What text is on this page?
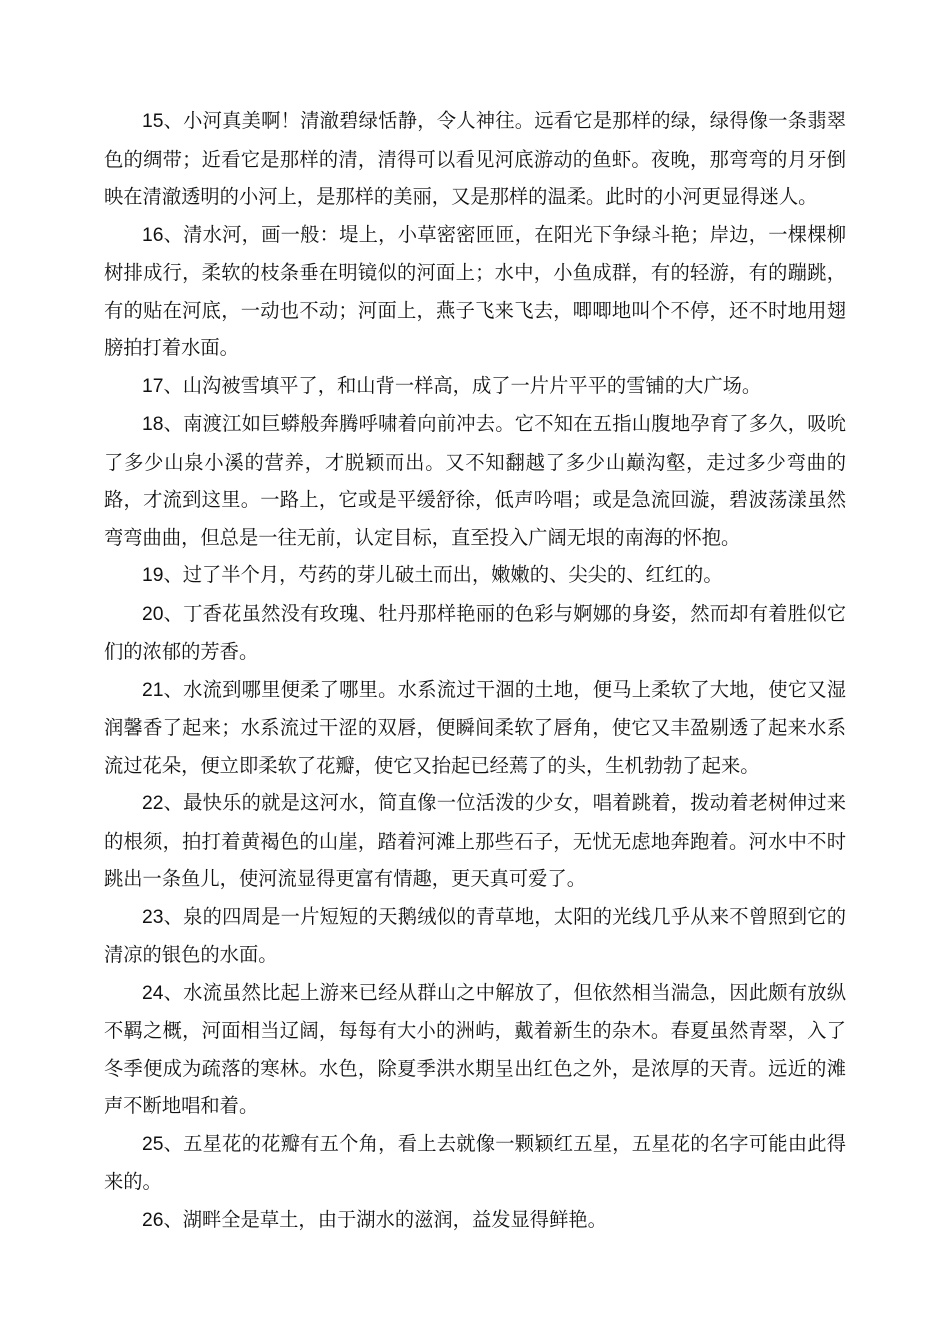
15、小河真美啊！清澈碧绿恬静，令人神往。远看它是那样的绿，绿得像一条翡翠色的绸带；近看它是那样的清，清得可以看见河底游动的鱼虾。夜晚，那弯弯的月牙倒映在清澈透明的小河上，是那样的美丽，又是那样的温柔。此时的小河更显得迷人。

16、清水河，画一般：堤上，小草密密匝匝，在阳光下争绿斗艳；岸边，一棵棵柳树排成行，柔软的枝条垂在明镜似的河面上；水中，小鱼成群，有的轻游，有的蹦跳，有的贴在河底，一动也不动；河面上，燕子飞来飞去，唧唧地叫个不停，还不时地用翅膀拍打着水面。

17、山沟被雪填平了，和山背一样高，成了一片片平平的雪铺的大广场。

18、南渡江如巨蟒般奔腾呼啸着向前冲去。它不知在五指山腹地孕育了多久，吸吮了多少山泉小溪的营养，才脱颖而出。又不知翻越了多少山巅沟壑，走过多少弯曲的路，才流到这里。一路上，它或是平缓舒徐，低声吟唱；或是急流回漩，碧波荡漾虽然弯弯曲曲，但总是一往无前，认定目标，直至投入广阔无垠的南海的怀抱。

19、过了半个月，芍药的芽儿破土而出，嫩嫩的、尖尖的、红红的。

20、丁香花虽然没有玫瑰、牡丹那样艳丽的色彩与婀娜的身姿，然而却有着胜似它们的浓郁的芳香。

21、水流到哪里便柔了哪里。水系流过干涸的土地，便马上柔软了大地，使它又湿润馨香了起来；水系流过干涩的双唇，便瞬间柔软了唇角，使它又丰盈剔透了起来水系流过花朵，便立即柔软了花瓣，使它又抬起已经蔫了的头，生机勃勃了起来。

22、最快乐的就是这河水，简直像一位活泼的少女，唱着跳着，拨动着老树伸过来的根须，拍打着黄褐色的山崖，踏着河滩上那些石子，无忧无虑地奔跑着。河水中不时跳出一条鱼儿，使河流显得更富有情趣，更天真可爱了。

23、泉的四周是一片短短的天鹅绒似的青草地，太阳的光线几乎从来不曾照到它的清凉的银色的水面。

24、水流虽然比起上游来已经从群山之中解放了，但依然相当湍急，因此颇有放纵不羁之概，河面相当辽阔，每每有大小的洲屿，戴着新生的杂木。春夏虽然青翠，入了冬季便成为疏落的寒林。水色，除夏季洪水期呈出红色之外，是浓厚的天青。远近的滩声不断地唱和着。

25、五星花的花瓣有五个角，看上去就像一颗颖红五星，五星花的名字可能由此得来的。

26、湖畔全是草土，由于湖水的滋润，益发显得鲜艳。
